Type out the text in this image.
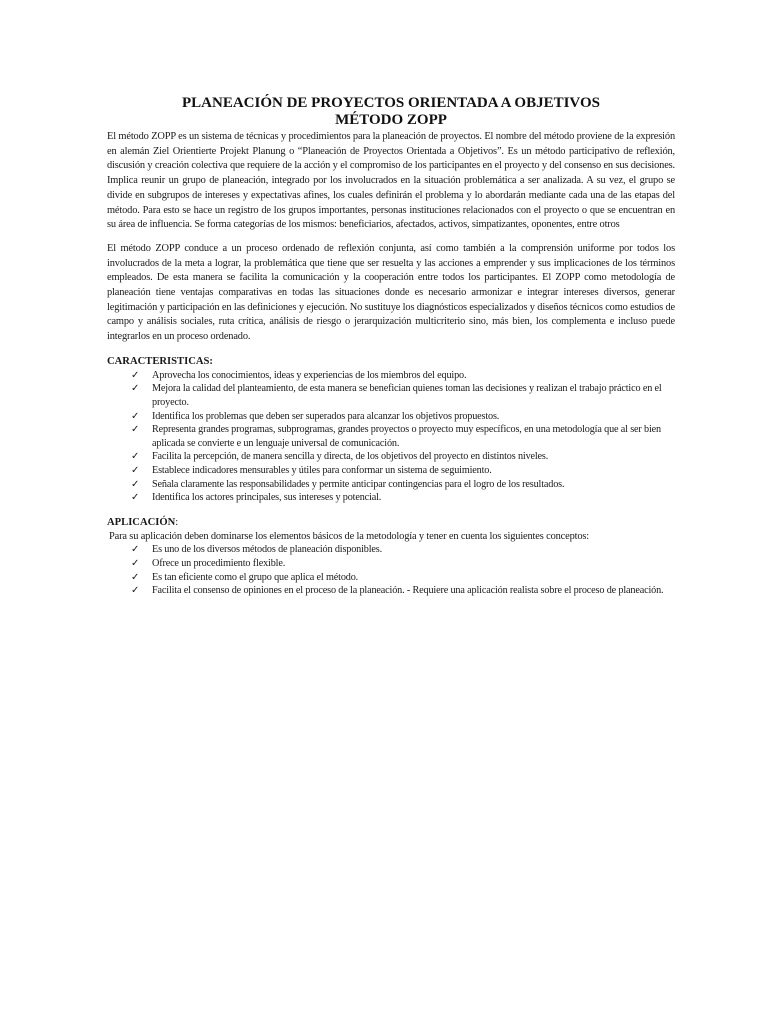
PLANEACIÓN DE PROYECTOS ORIENTADA A OBJETIVOS
MÉTODO ZOPP

El método ZOPP es un sistema de técnicas y procedimientos para la planeación de proyectos. El nombre del método proviene de la expresión en alemán Ziel Orientierte Projekt Planung o “Planeación de Proyectos Orientada a Objetivos”. Es un método participativo de reflexión, discusión y creación colectiva que requiere de la acción y el compromiso de los participantes en el proyecto y del consenso en sus decisiones. Implica reunir un grupo de planeación, integrado por los involucrados en la situación problemática a ser analizada. A su vez, el grupo se divide en subgrupos de intereses y expectativas afines, los cuales definirán el problema y lo abordarán mediante cada una de las etapas del método. Para esto se hace un registro de los grupos importantes, personas instituciones relacionados con el proyecto o que se encuentran en su área de influencia. Se forma categorías de los mismos: beneficiarios, afectados, activos, simpatizantes, oponentes, entre otros

El método ZOPP conduce a un proceso ordenado de reflexión conjunta, así como también a la comprensión uniforme por todos los involucrados de la meta a lograr, la problemática que tiene que ser resuelta y las acciones a emprender y sus implicaciones de los términos empleados. De esta manera se facilita la comunicación y la cooperación entre todos los participantes. El ZOPP como metodología de planeación tiene ventajas comparativas en todas las situaciones donde es necesario armonizar e integrar intereses diversos, generar legitimación y participación en las definiciones y ejecución. No sustituye los diagnósticos especializados y diseños técnicos como estudios de campo y análisis sociales, ruta crítica, análisis de riesgo o jerarquización multicriterio sino, más bien, los complementa e incluso puede integrarlos en un proceso ordenado.

CARACTERISTICAS:
✓ Aprovecha los conocimientos, ideas y experiencias de los miembros del equipo.
✓ Mejora la calidad del planteamiento, de esta manera se benefician quienes toman las decisiones y realizan el trabajo práctico en el proyecto.
✓ Identifica los problemas que deben ser superados para alcanzar los objetivos propuestos.
✓ Representa grandes programas, subprogramas, grandes proyectos o proyecto muy específicos, en una metodología que al ser bien aplicada se convierte e un lenguaje universal de comunicación.
✓ Facilita la percepción, de manera sencilla y directa, de los objetivos del proyecto en distintos niveles.
✓ Establece indicadores mensurables y útiles para conformar un sistema de seguimiento.
✓ Señala claramente las responsabilidades y permite anticipar contingencias para el logro de los resultados.
✓ Identifica los actores principales, sus intereses y potencial.
APLICACIÓN:
Para su aplicación deben dominarse los elementos básicos de la metodología y tener en cuenta los siguientes conceptos:
✓ Es uno de los diversos métodos de planeación disponibles.
✓ Ofrece un procedimiento flexible.
✓ Es tan eficiente como el grupo que aplica el método.
✓ Facilita el consenso de opiniones en el proceso de la planeación. - Requiere una aplicación realista sobre el proceso de planeación.
